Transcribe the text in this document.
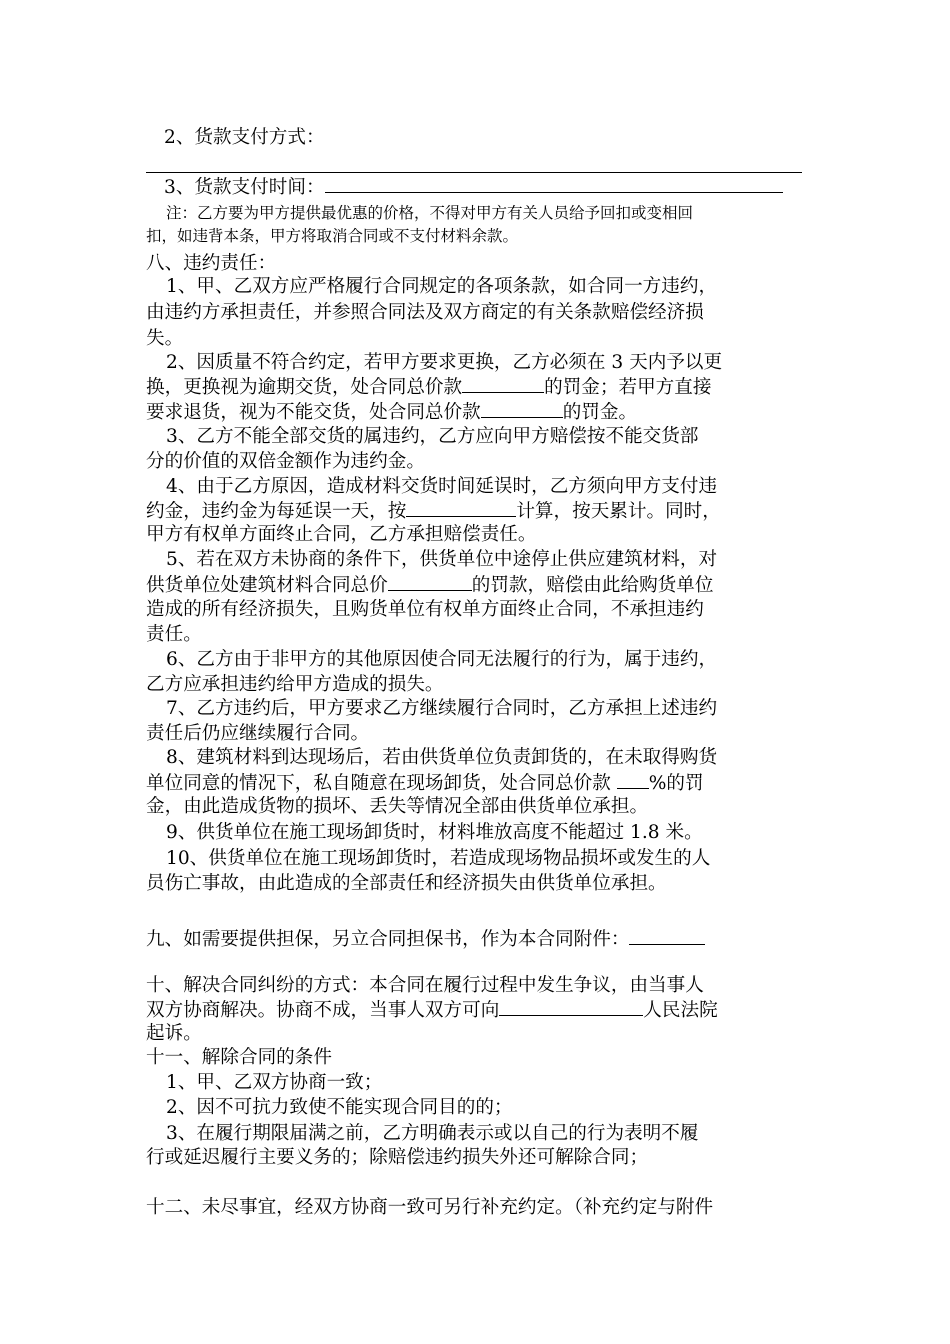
2、货款支付方式：

3、货款支付时间：

注：乙方要为甲方提供最优惠的价格，不得对甲方有关人员给予回扣或变相回

扣，如违背本条，甲方将取消合同或不支付材料余款。

八、违约责任：

1、甲、乙双方应严格履行合同规定的各项条款，如合同一方违约，

由违约方承担责任，并参照合同法及双方商定的有关条款赔偿经济损

失。

2、因质量不符合约定，若甲方要求更换，乙方必须在 3 天内予以更

换，更换视为逾期交货，处合同总价款	的罚金；若甲方直接

要求退货，视为不能交货，处合同总价款	的罚金。

3、乙方不能全部交货的属违约，乙方应向甲方赔偿按不能交货部

分的价值的双倍金额作为违约金。

4、由于乙方原因，造成材料交货时间延误时，乙方须向甲方支付违

约金，违约金为每延误一天，按	计算，按天累计。同时，

甲方有权单方面终止合同，乙方承担赔偿责任。

5、若在双方未协商的条件下，供货单位中途停止供应建筑材料，对

供货单位处建筑材料合同总价	的罚款，赔偿由此给购货单位

造成的所有经济损失，且购货单位有权单方面终止合同，不承担违约

责任。

6、乙方由于非甲方的其他原因使合同无法履行的行为，属于违约，

乙方应承担违约给甲方造成的损失。

7、乙方违约后，甲方要求乙方继续履行合同时，乙方承担上述违约

责任后仍应继续履行合同。

8、建筑材料到达现场后，若由供货单位负责卸货的，在未取得购货

单位同意的情况下，私自随意在现场卸货，处合同总价款 %的罚

金，由此造成货物的损坏、丢失等情况全部由供货单位承担。

9、供货单位在施工现场卸货时，材料堆放高度不能超过 1.8 米。

10、供货单位在施工现场卸货时，若造成现场物品损坏或发生的人

员伤亡事故，由此造成的全部责任和经济损失由供货单位承担。

九、如需要提供担保，另立合同担保书，作为本合同附件：

十、解决合同纠纷的方式：本合同在履行过程中发生争议，由当事人

双方协商解决。协商不成，当事人双方可向	人民法院

起诉。

十一、解除合同的条件

1、甲、乙双方协商一致；

2、因不可抗力致使不能实现合同目的的；

3、在履行期限届满之前，乙方明确表示或以自己的行为表明不履

行或延迟履行主要义务的；除赔偿违约损失外还可解除合同；

十二、未尽事宜，经双方协商一致可另行补充约定。（补充约定与附件
